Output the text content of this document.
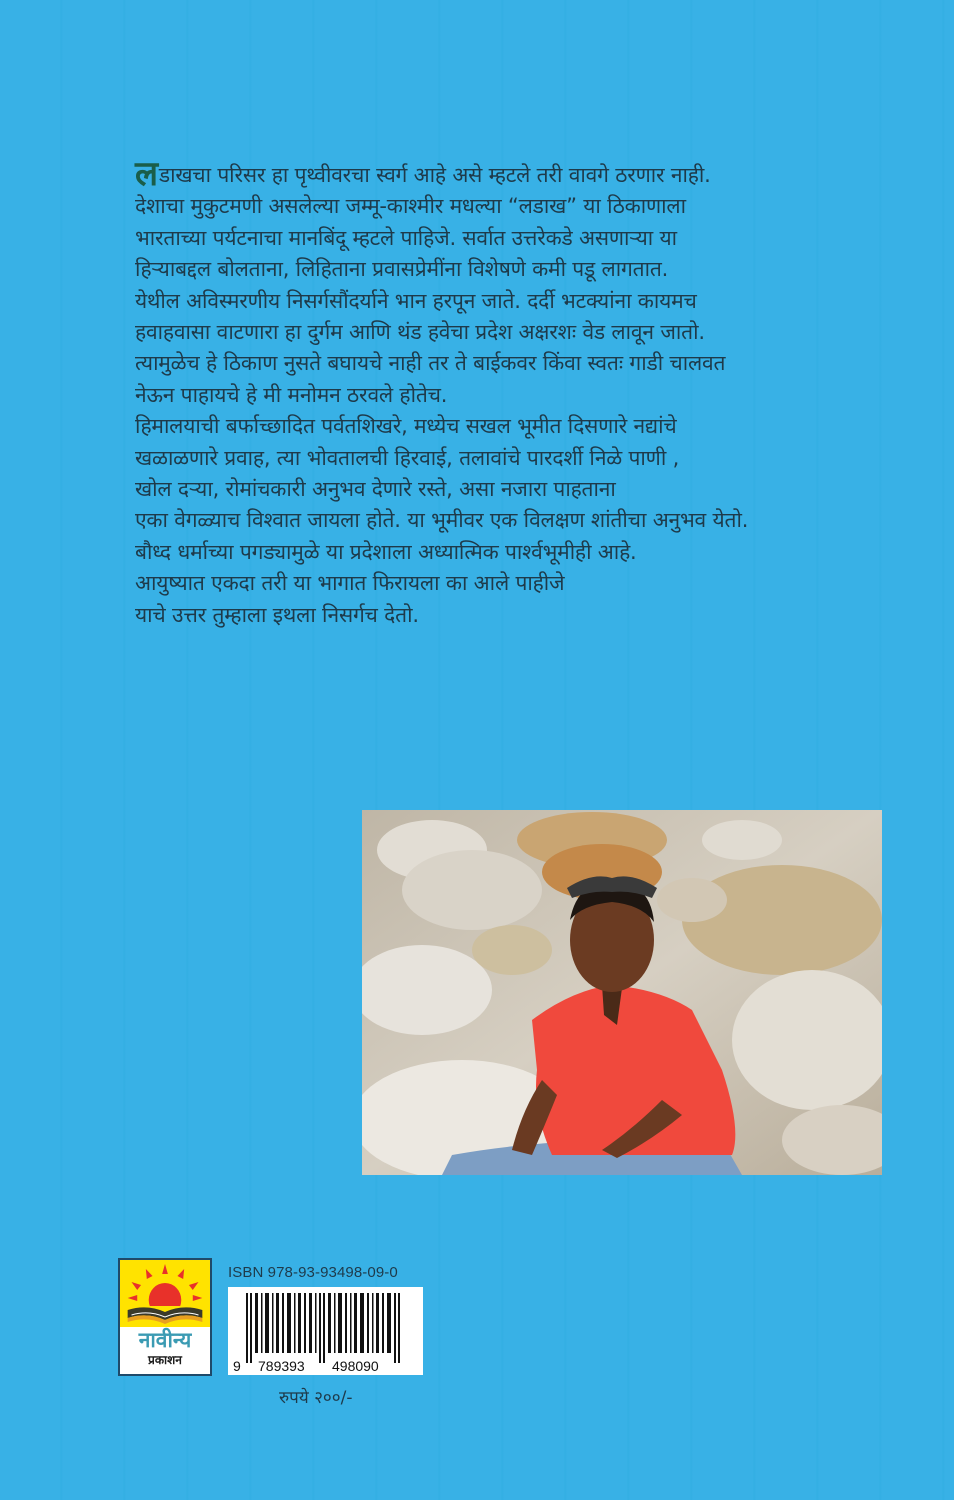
लडाखचा परिसर हा पृथ्वीवरचा स्वर्ग आहे असे म्हटले तरी वावगे ठरणार नाही.
देशाचा मुकुटमणी असलेल्या जम्मू-काश्मीर मधल्या “लडाख” या ठिकाणाला
भारताच्या पर्यटनाचा मानबिंदू म्हटले पाहिजे. सर्वात उत्तरेकडे असणाऱ्या या
हिऱ्याबद्दल बोलताना, लिहिताना प्रवासप्रेमींना विशेषणे कमी पडू लागतात.
येथील अविस्मरणीय निसर्गसौंदर्याने भान हरपून जाते. दर्दी भटक्यांना कायमच
हवाहवासा वाटणारा हा दुर्गम आणि थंड हवेचा प्रदेश अक्षरशः वेड लावून जातो.
त्यामुळेच हे ठिकाण नुसते बघायचे नाही तर ते बाईकवर किंवा स्वतः गाडी चालवत
नेऊन पाहायचे हे मी मनोमन ठरवले होतेच.
हिमालयाची बर्फाच्छादित पर्वतशिखरे, मध्येच सखल भूमीत दिसणारे नद्यांचे
खळाळणारे प्रवाह, त्या भोवतालची हिरवाई, तलावांचे पारदर्शी निळे पाणी ,
खोल दऱ्या, रोमांचकारी अनुभव देणारे रस्ते, असा नजारा पाहताना
एका वेगळ्याच विश्वात जायला होते. या भूमीवर एक विलक्षण शांतीचा अनुभव येतो.
बौध्द धर्माच्या पगड्यामुळे या प्रदेशाला अध्यात्मिक पार्श्वभूमीही आहे.
आयुष्यात एकदा तरी या भागात फिरायला का आले पाहीजे
याचे उत्तर तुम्हाला इथला निसर्गच देतो.
नावीन्य
प्रकाशन
ISBN 978-93-93498-09-0
9 789393 498090
रुपये २००/-
